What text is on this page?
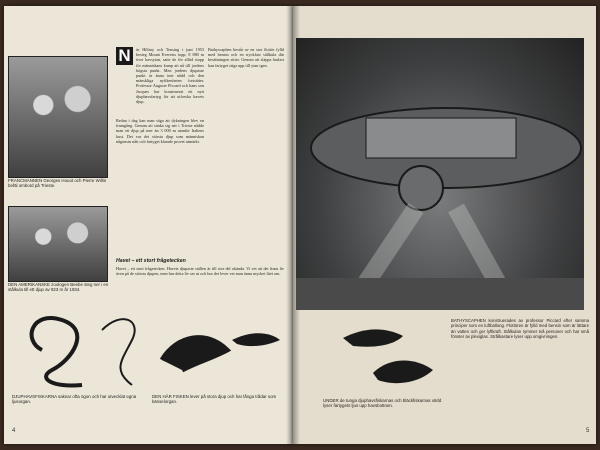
FRANCMANNEN Georges Houot och Pierre Willm befäl ombord på Trieste.
DEN AMERIKANSKE zoologen Beebe steg ner i en stålkula till ett djup av 923 m år 1934.
N	är Hillary och Tensing i juni 1953 besteg Mount Everests topp, 8 880 m över havsytan, satte de för alltid stopp för människans kamp att nå till jordens högsta punkt. Men jordens djupaste punkt är ännu inte nådd och den mänskliga nyfikenheten fortsätter. Professor Auguste Piccard och hans son Jacques har konstruerat ett nytt djuphavsfartyg för att utforska havets djup.
Redan i dag kan man säga att dykningen blev en framgång. Genom att sänka sig ner i Trieste nådde man ett djup på mer än 3 000 m utanför Italiens kust. Det var det största djup som människan någonsin nått och fartyget klarade provet utmärkt.
Bathyscaphen består av en stor flottör fylld med bensin och en tryckfast stålkula där besättningen sitter. Genom att släppa barlast kan fartyget stiga upp till ytan igen.
Havet – ett stort frågetecken
Havet – ett stort frågetecken. Havets djupaste ställen är till stor del okända. Vi vet att det finns liv även på de största djupen, men hur detta liv ser ut och hur det lever vet man ännu mycket litet om.
DJUPHAVSFISKARNA saknar ofta ögon och har utvecklat egna ljusorgan.
DEN HÄR FISKEN lever på stora djup och har långa trådar som känselorgan.
4
BATHYSCAPHEN konstruerades av professor Piccard efter samma principer som en luftballong. Flottören är fylld med bensin som är lättare än vatten och ger lyftkraft. Stålkulan rymmer två personer och har små fönster av plexiglas. Strålkastare lyser upp omgivningen.
UNDER de tunga djuphavsfiskarnas och bläckfiskarnas värld lyser fartygets ljus upp havsbottnen.
5
